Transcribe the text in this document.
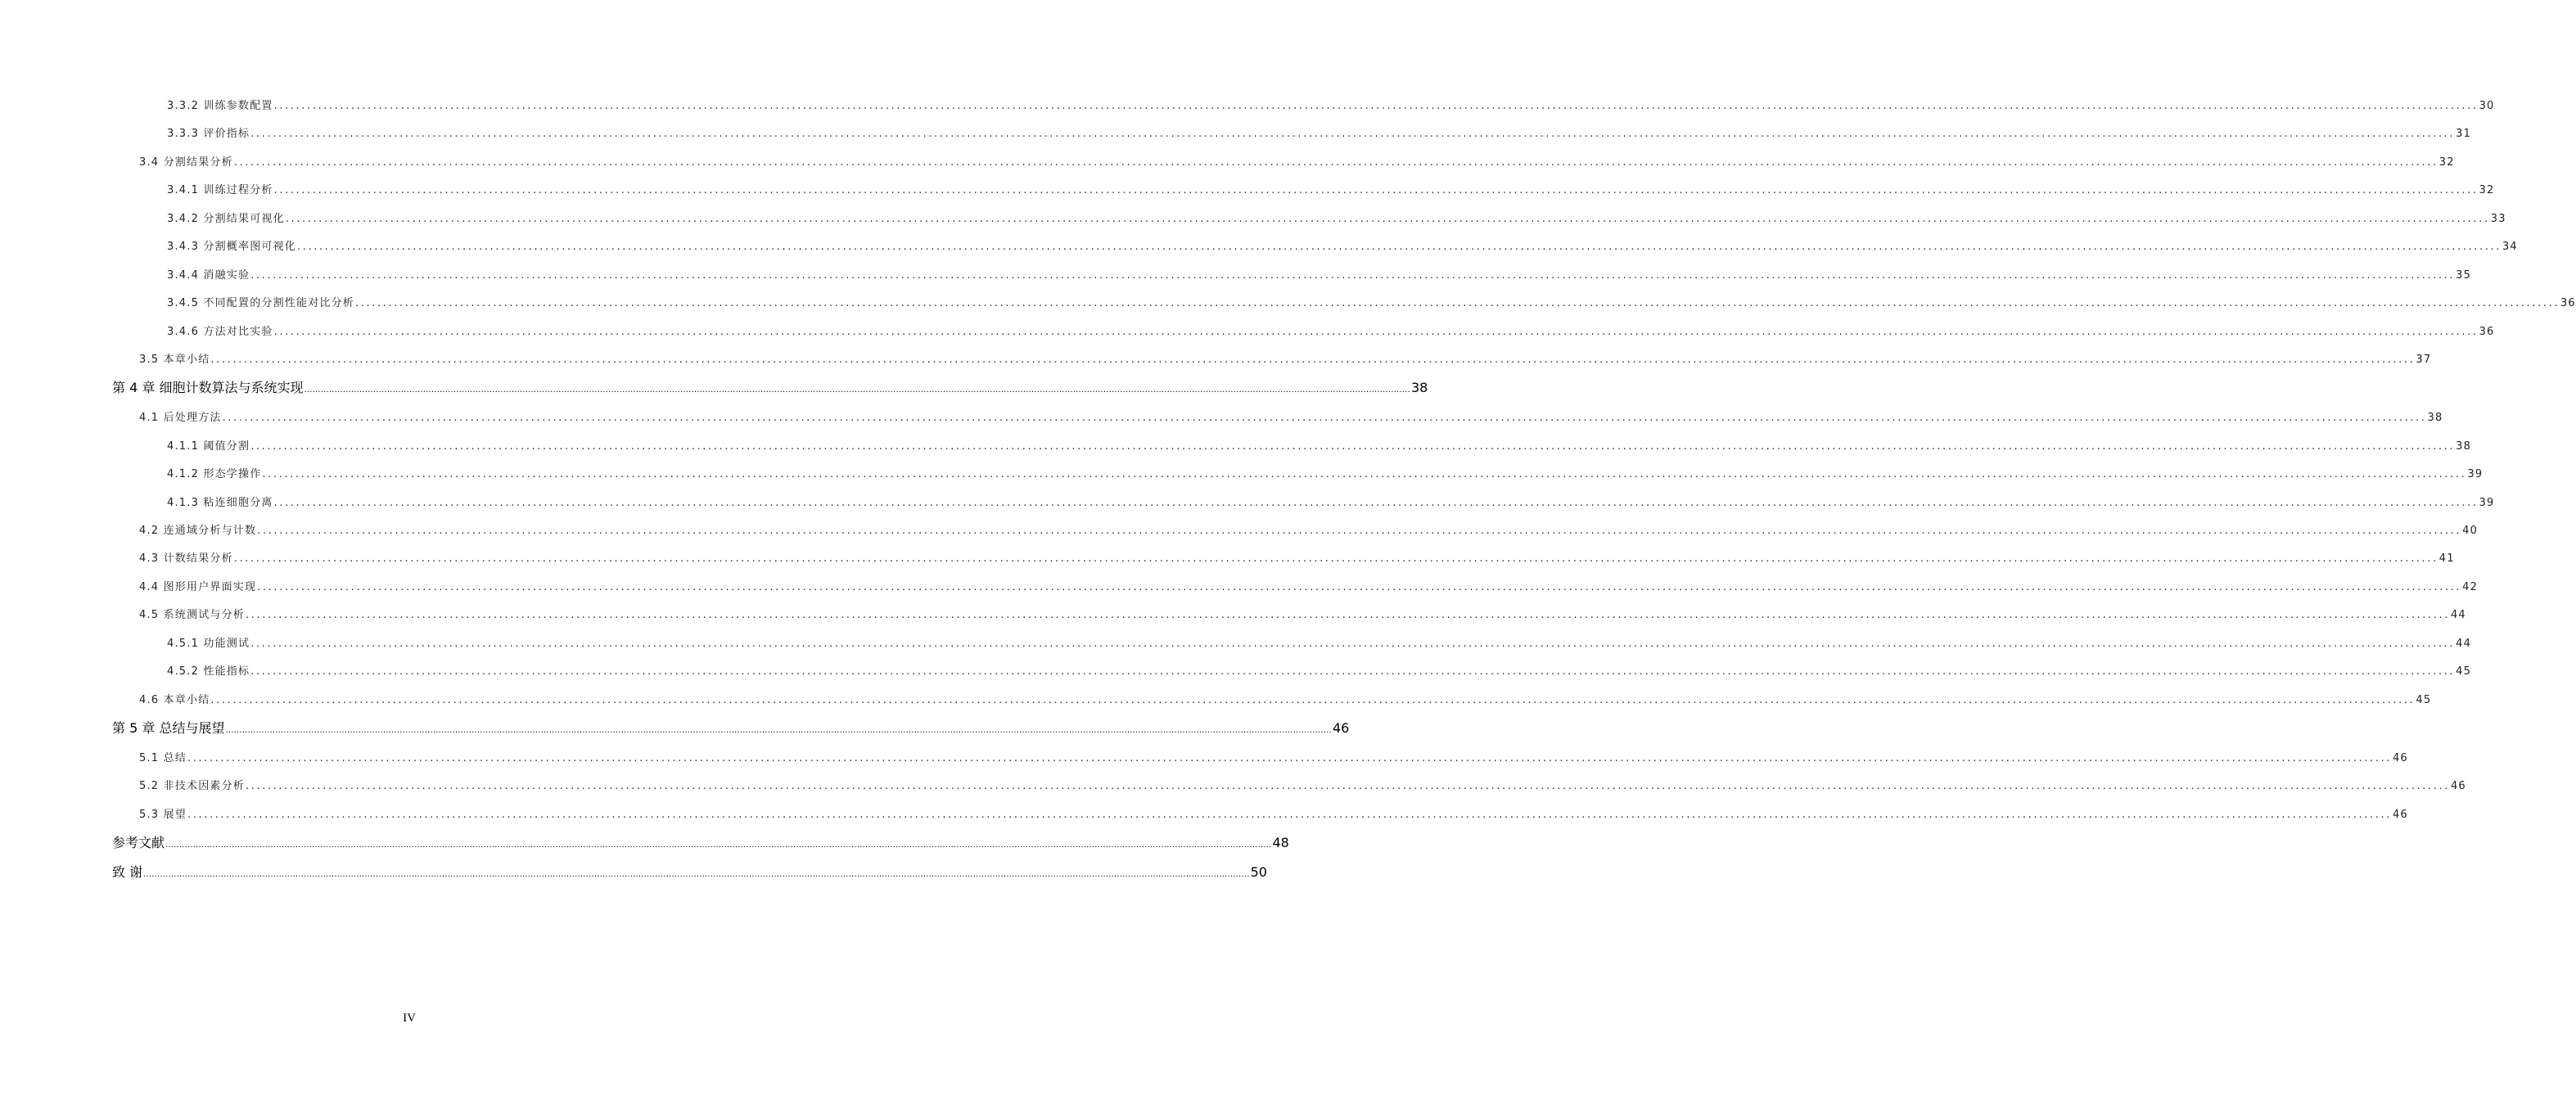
3.3.2 训练参数配置 ................................................................................................................................................................................................................................................................................................................................................................................................................ 30
3.3.3 评价指标 ................................................................................................................................................................................................................................................................................................................................................................................................................ 31
3.4 分割结果分析 ................................................................................................................................................................................................................................................................................................................................................................................................................ 32
3.4.1 训练过程分析 ................................................................................................................................................................................................................................................................................................................................................................................................................ 32
3.4.2 分割结果可视化 ................................................................................................................................................................................................................................................................................................................................................................................................................ 33
3.4.3 分割概率图可视化 ................................................................................................................................................................................................................................................................................................................................................................................................................ 34
3.4.4 消融实验 ................................................................................................................................................................................................................................................................................................................................................................................................................ 35
3.4.5 不同配置的分割性能对比分析 ................................................................................................................................................................................................................................................................................................................................................................................................................ 36
3.4.6 方法对比实验 ................................................................................................................................................................................................................................................................................................................................................................................................................ 36
3.5 本章小结 ................................................................................................................................................................................................................................................................................................................................................................................................................ 37
第 4 章 细胞计数算法与系统实现 ................................................................................................................................................................................................................................................................................................................................................................................................................ 38
4.1 后处理方法 ................................................................................................................................................................................................................................................................................................................................................................................................................ 38
4.1.1 阈值分割 ................................................................................................................................................................................................................................................................................................................................................................................................................ 38
4.1.2 形态学操作 ................................................................................................................................................................................................................................................................................................................................................................................................................ 39
4.1.3 粘连细胞分离 ................................................................................................................................................................................................................................................................................................................................................................................................................ 39
4.2 连通域分析与计数 ................................................................................................................................................................................................................................................................................................................................................................................................................ 40
4.3 计数结果分析 ................................................................................................................................................................................................................................................................................................................................................................................................................ 41
4.4 图形用户界面实现 ................................................................................................................................................................................................................................................................................................................................................................................................................ 42
4.5 系统测试与分析 ................................................................................................................................................................................................................................................................................................................................................................................................................ 44
4.5.1 功能测试 ................................................................................................................................................................................................................................................................................................................................................................................................................ 44
4.5.2 性能指标 ................................................................................................................................................................................................................................................................................................................................................................................................................ 45
4.6 本章小结 ................................................................................................................................................................................................................................................................................................................................................................................................................ 45
第 5 章 总结与展望 ................................................................................................................................................................................................................................................................................................................................................................................................................ 46
5.1 总结 ................................................................................................................................................................................................................................................................................................................................................................................................................ 46
5.2 非技术因素分析 ................................................................................................................................................................................................................................................................................................................................................................................................................ 46
5.3 展望 ................................................................................................................................................................................................................................................................................................................................................................................................................ 46
参考文献 ................................................................................................................................................................................................................................................................................................................................................................................................................ 48
致 谢 ................................................................................................................................................................................................................................................................................................................................................................................................................ 50
IV
